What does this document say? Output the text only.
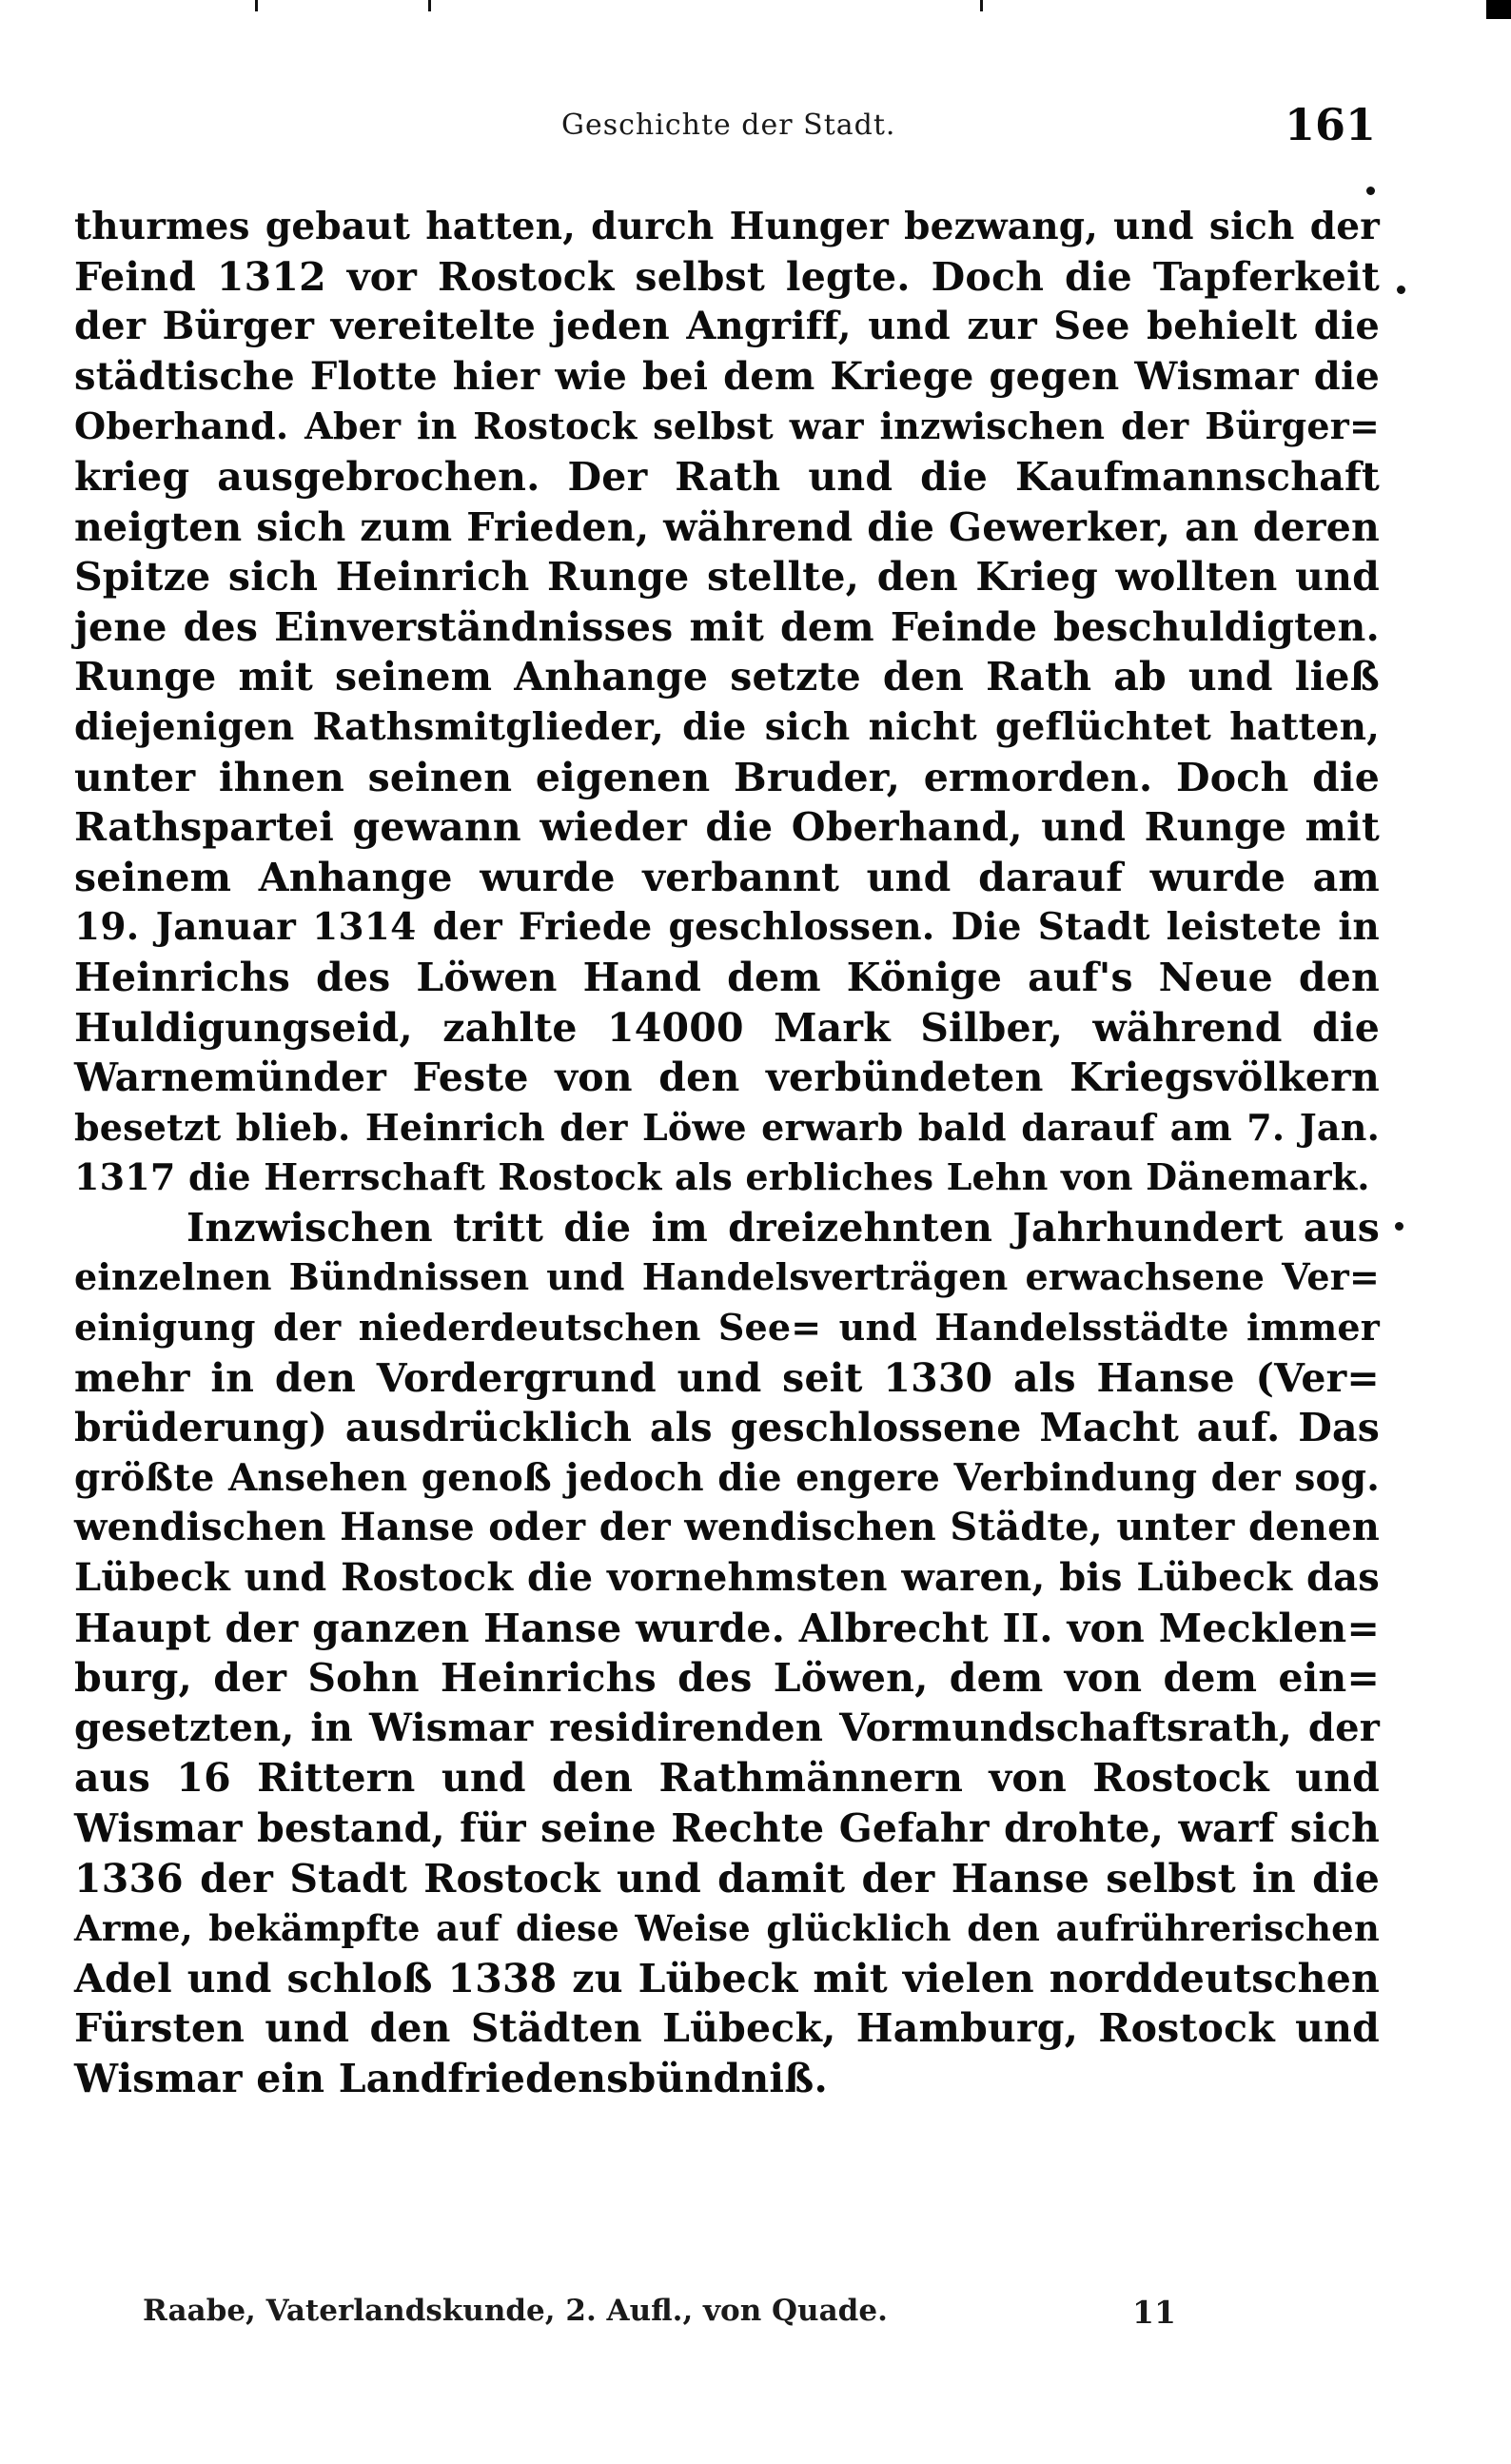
Geschichte der Stadt.	161
thurmes gebaut hatten, durch Hunger bezwang, und sich der
Feind 1312 vor Rostock selbst legte. Doch die Tapferkeit
der Bürger vereitelte jeden Angriff, und zur See behielt die
städtische Flotte hier wie bei dem Kriege gegen Wismar die
Oberhand. Aber in Rostock selbst war inzwischen der Bürger=
krieg ausgebrochen. Der Rath und die Kaufmannschaft
neigten sich zum Frieden, während die Gewerker, an deren
Spitze sich Heinrich Runge stellte, den Krieg wollten und
jene des Einverständnisses mit dem Feinde beschuldigten.
Runge mit seinem Anhange setzte den Rath ab und ließ
diejenigen Rathsmitglieder, die sich nicht geflüchtet hatten,
unter ihnen seinen eigenen Bruder, ermorden. Doch die
Rathspartei gewann wieder die Oberhand, und Runge mit
seinem Anhange wurde verbannt und darauf wurde am
19. Januar 1314 der Friede geschlossen. Die Stadt leistete in
Heinrichs des Löwen Hand dem Könige auf's Neue den
Huldigungseid, zahlte 14000 Mark Silber, während die
Warnemünder Feste von den verbündeten Kriegsvölkern
besetzt blieb. Heinrich der Löwe erwarb bald darauf am 7. Jan.
1317 die Herrschaft Rostock als erbliches Lehn von Dänemark.
Inzwischen tritt die im dreizehnten Jahrhundert aus
einzelnen Bündnissen und Handelsverträgen erwachsene Ver=
einigung der niederdeutschen See= und Handelsstädte immer
mehr in den Vordergrund und seit 1330 als Hanse (Ver=
brüderung) ausdrücklich als geschlossene Macht auf. Das
größte Ansehen genoß jedoch die engere Verbindung der sog.
wendischen Hanse oder der wendischen Städte, unter denen
Lübeck und Rostock die vornehmsten waren, bis Lübeck das
Haupt der ganzen Hanse wurde. Albrecht II. von Mecklen=
burg, der Sohn Heinrichs des Löwen, dem von dem ein=
gesetzten, in Wismar residirenden Vormundschaftsrath, der
aus 16 Rittern und den Rathmännern von Rostock und
Wismar bestand, für seine Rechte Gefahr drohte, warf sich
1336 der Stadt Rostock und damit der Hanse selbst in die
Arme, bekämpfte auf diese Weise glücklich den aufrührerischen
Adel und schloß 1338 zu Lübeck mit vielen norddeutschen
Fürsten und den Städten Lübeck, Hamburg, Rostock und
Wismar ein Landfriedensbündniß.
Raabe, Vaterlandskunde, 2. Aufl., von Quade.	11
